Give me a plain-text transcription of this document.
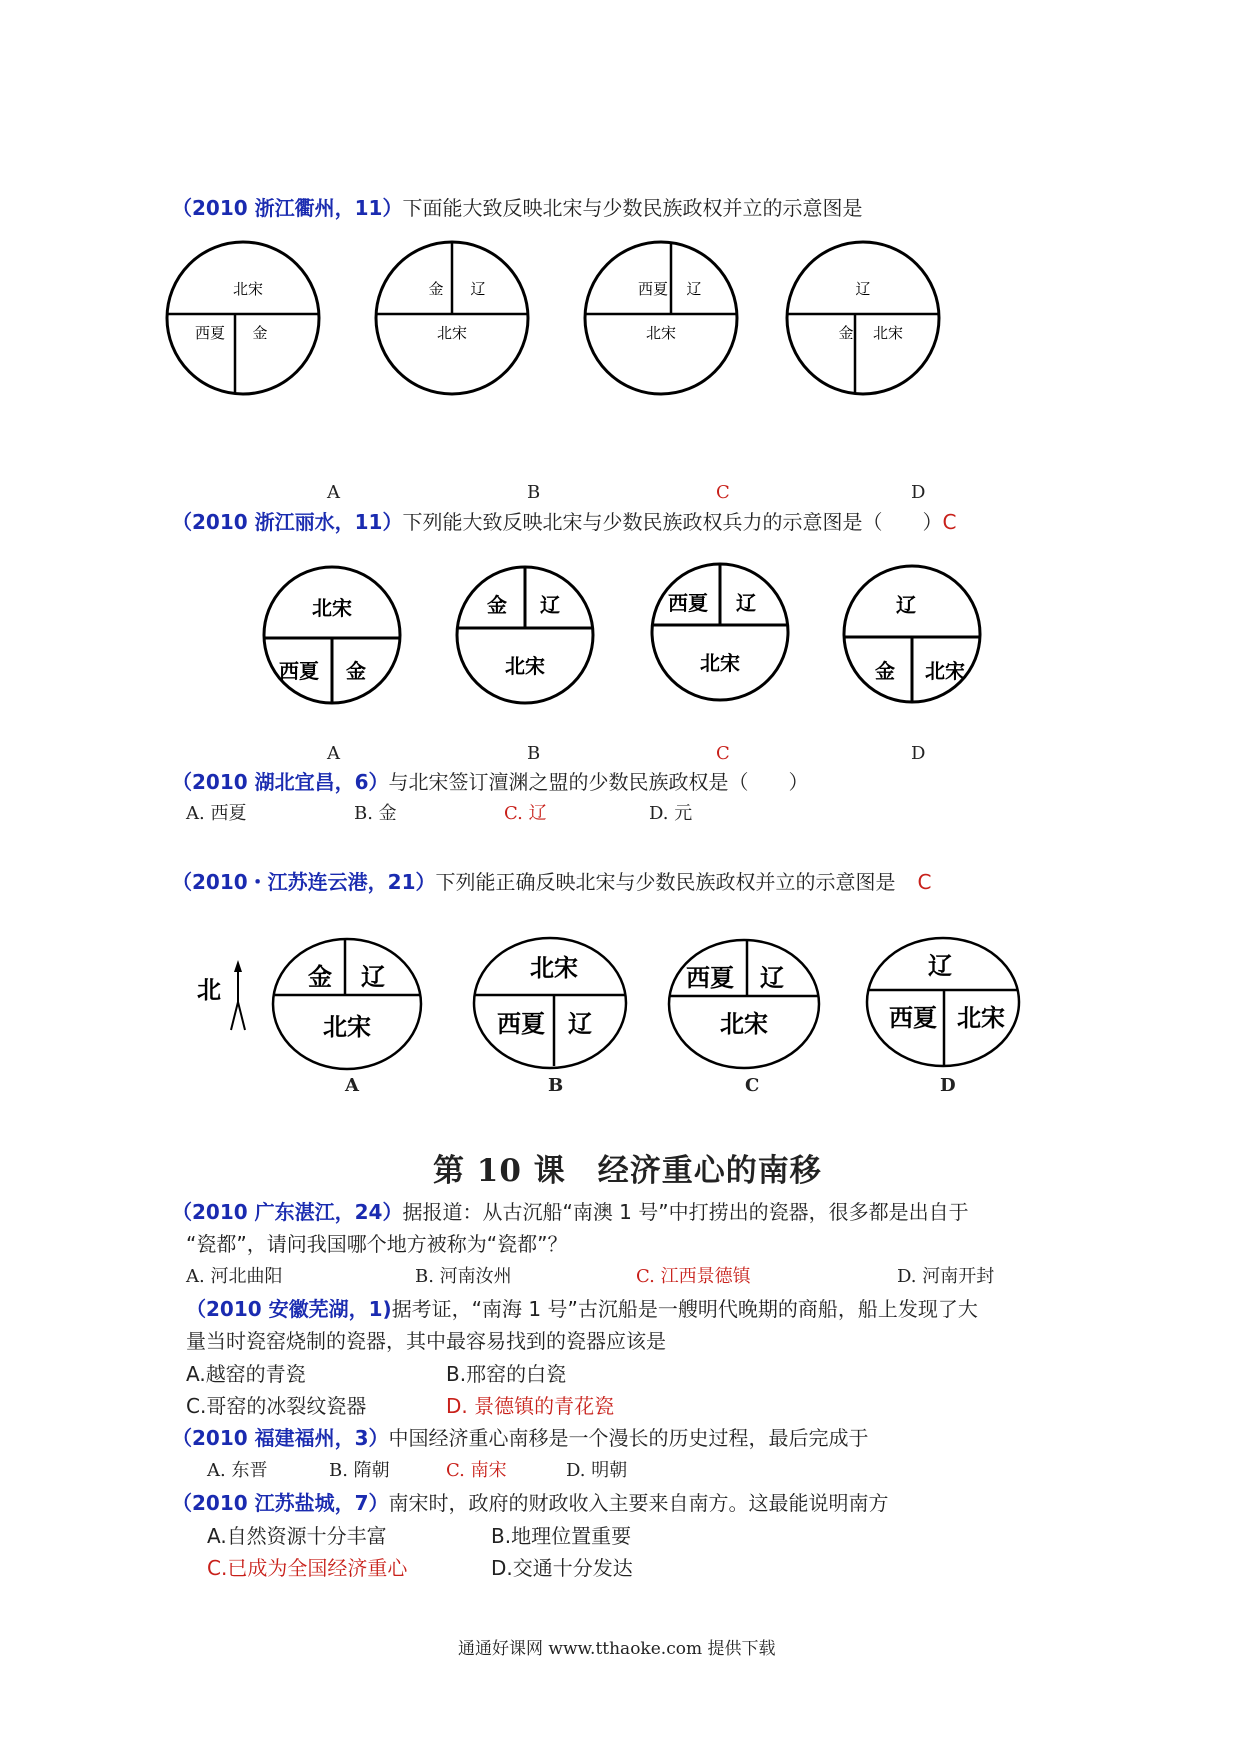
（2010 浙江衢州，11）下面能大致反映北宋与少数民族政权并立的示意图是
北宋
西夏 金
金 辽
北宋
西夏 辽
北宋
辽
金 北宋
A	B	C	D
（2010 浙江丽水，11）下列能大致反映北宋与少数民族政权兵力的示意图是（　　）C
北宋
西夏 金
金 辽
北宋
西夏 辽
北宋
辽
金 北宋
A	B	C	D
（2010 湖北宜昌，6）与北宋签订澶渊之盟的少数民族政权是（　　）
A. 西夏	B. 金	C. 辽	D. 元
（2010・江苏连云港，21）下列能正确反映北宋与少数民族政权并立的示意图是 C
北	金 辽
北宋
北宋
西夏 辽
西夏 辽
北宋
辽
西夏 北宋
A	B	C	D
第 10 课　经济重心的南移
（2010 广东湛江，24）据报道：从古沉船“南澳 1 号”中打捞出的瓷器，很多都是出自于
“瓷都”，请问我国哪个地方被称为“瓷都”？
A. 河北曲阳	B. 河南汝州	C. 江西景德镇	D. 河南开封
（2010 安徽芜湖，1)据考证，“南海 1 号”古沉船是一艘明代晚期的商船，船上发现了大
量当时瓷窑烧制的瓷器，其中最容易找到的瓷器应该是
A.越窑的青瓷	B.邢窑的白瓷
C.哥窑的冰裂纹瓷器	D. 景德镇的青花瓷
（2010 福建福州，3）中国经济重心南移是一个漫长的历史过程，最后完成于
A. 东晋	B. 隋朝	C. 南宋	D. 明朝
（2010 江苏盐城，7）南宋时，政府的财政收入主要来自南方。这最能说明南方
A.自然资源十分丰富	B.地理位置重要
C.已成为全国经济重心	D.交通十分发达
通通好课网 www.tthaoke.com 提供下载
